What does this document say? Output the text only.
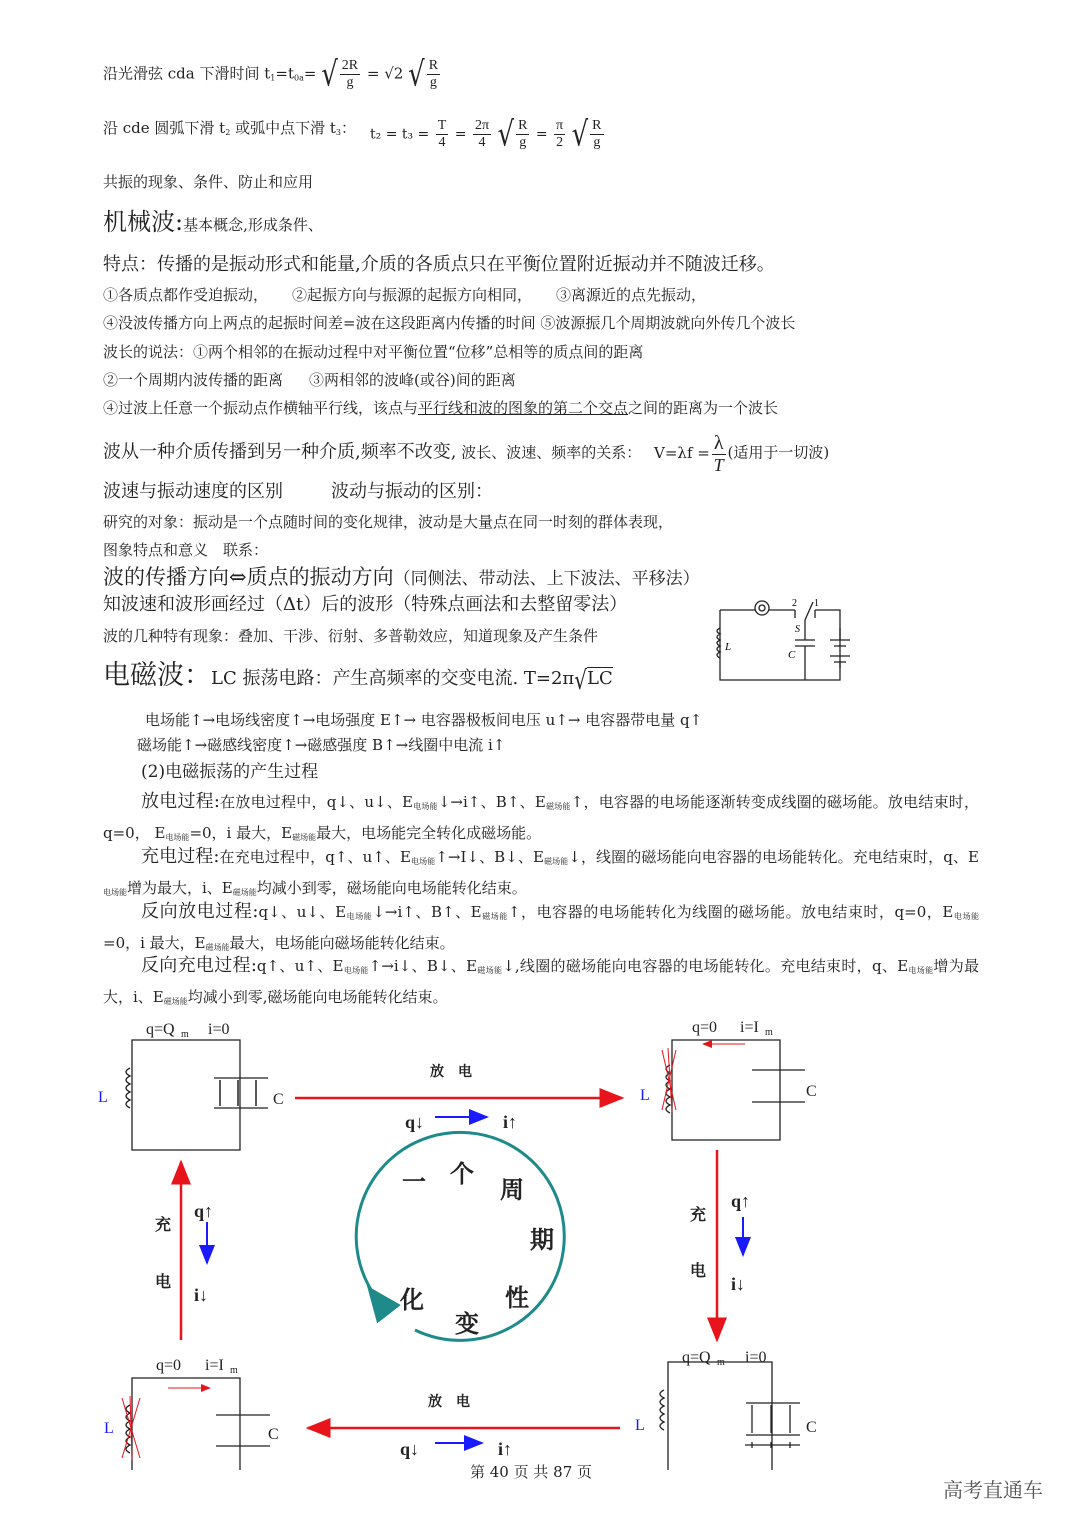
沿光滑弦 cda 下滑时间 $t_1=t_{0a}=$ √ $\frac{2R}{g} = √2$ √ $\frac{R}{g}$
沿 cde 圆弧下滑 $t_2$ 或弧中点下滑 $t_3$： $t_2 = t_3 = \frac{T}{4} = \frac{2\pi}{4}$ √ $\frac{R}{g} = \frac{\pi}{2}$ √ $\frac{R}{g}$
共振的现象、条件、防止和应用
机械波:基本概念,形成条件、
特点：传播的是振动形式和能量,介质的各质点只在平衡位置附近振动并不随波迁移。
①各质点都作受迫振动， ②起振方向与振源的起振方向相同， ③离源近的点先振动，
④没波传播方向上两点的起振时间差=波在这段距离内传播的时间 ⑤波源振几个周期波就向外传几个波长
波长的说法：①两个相邻的在振动过程中对平衡位置“位移”总相等的质点间的距离
②一个周期内波传播的距离 ③两相邻的波峰(或谷)间的距离
④过波上任意一个振动点作横轴平行线，该点与平行线和波的图象的第二个交点之间的距离为一个波长
波从一种介质传播到另一种介质,频率不改变, 波长、波速、频率的关系： $V=\lambda f = \frac{\lambda}{T}$ (适用于一切波)
波速与振动速度的区别	波动与振动的区别：
研究的对象：振动是一个点随时间的变化规律，波动是大量点在同一时刻的群体表现，
图象特点和意义　联系：
波的传播方向⇔质点的振动方向（同侧法、带动法、上下波法、平移法）
知波速和波形画经过（Δt）后的波形（特殊点画法和去整留零法）
波的几种特有现象：叠加、干涉、衍射、多普勒效应，知道现象及产生条件
电磁波：LC 振荡电路：产生高频率的交变电流. T=2π√LC
L
S
C
1
2
电场能↑→电场线密度↑→电场强度 E↑→ 电容器极板间电压 u↑→ 电容器带电量 q↑
磁场能↑→磁感线密度↑→磁感强度 B↑→线圈中电流 i↑
(2)电磁振荡的产生过程
放电过程:在放电过程中，q↓、u↓、$E_{电场能}↓\to i↑$、B↑、$E_{磁场能}↑$，电容器的电场能逐渐转变成线圈的磁场能。放电结束时，q=0， $E_{电场能}=0$，i 最大，$E_{磁场能}$最大，电场能完全转化成磁场能。
充电过程:在充电过程中，q↑、u↑、$E_{电场能}↑\to I↓$、B↓、$E_{磁场能}↓$，线圈的磁场能向电容器的电场能转化。充电结束时，q、$E_{电场能}$增为最大，i、$E_{磁场能}$均减小到零，磁场能向电场能转化结束。
反向放电过程:q↓、u↓、$E_{电场能}↓\to i↑$、B↑、$E_{磁场能}↑$，电容器的电场能转化为线圈的磁场能。放电结束时，q=0，$E_{电场能}=0$，i 最大，$E_{磁场能}$最大，电场能向磁场能转化结束。
反向充电过程:q↑、u↑、$E_{电场能}↑\to i↓$、B↓、$E_{磁场能}↓$,线圈的磁场能向电容器的电场能转化。充电结束时，q、$E_{电场能}$增为最大，i、$E_{磁场能}$均减小到零,磁场能向电场能转化结束。
q=Q m i=0
L	C
q=0 i=I m
L	C
q=Q m i=0
L	C
q=0 i=I m
L	C
放　电
q↓	i↑
放　电
q↓	i↑
充
电
q↑
i↓
充
电
q↑
i↓
一 个
周
期
性
变
化
第 40 页 共 87 页
高考直通车
